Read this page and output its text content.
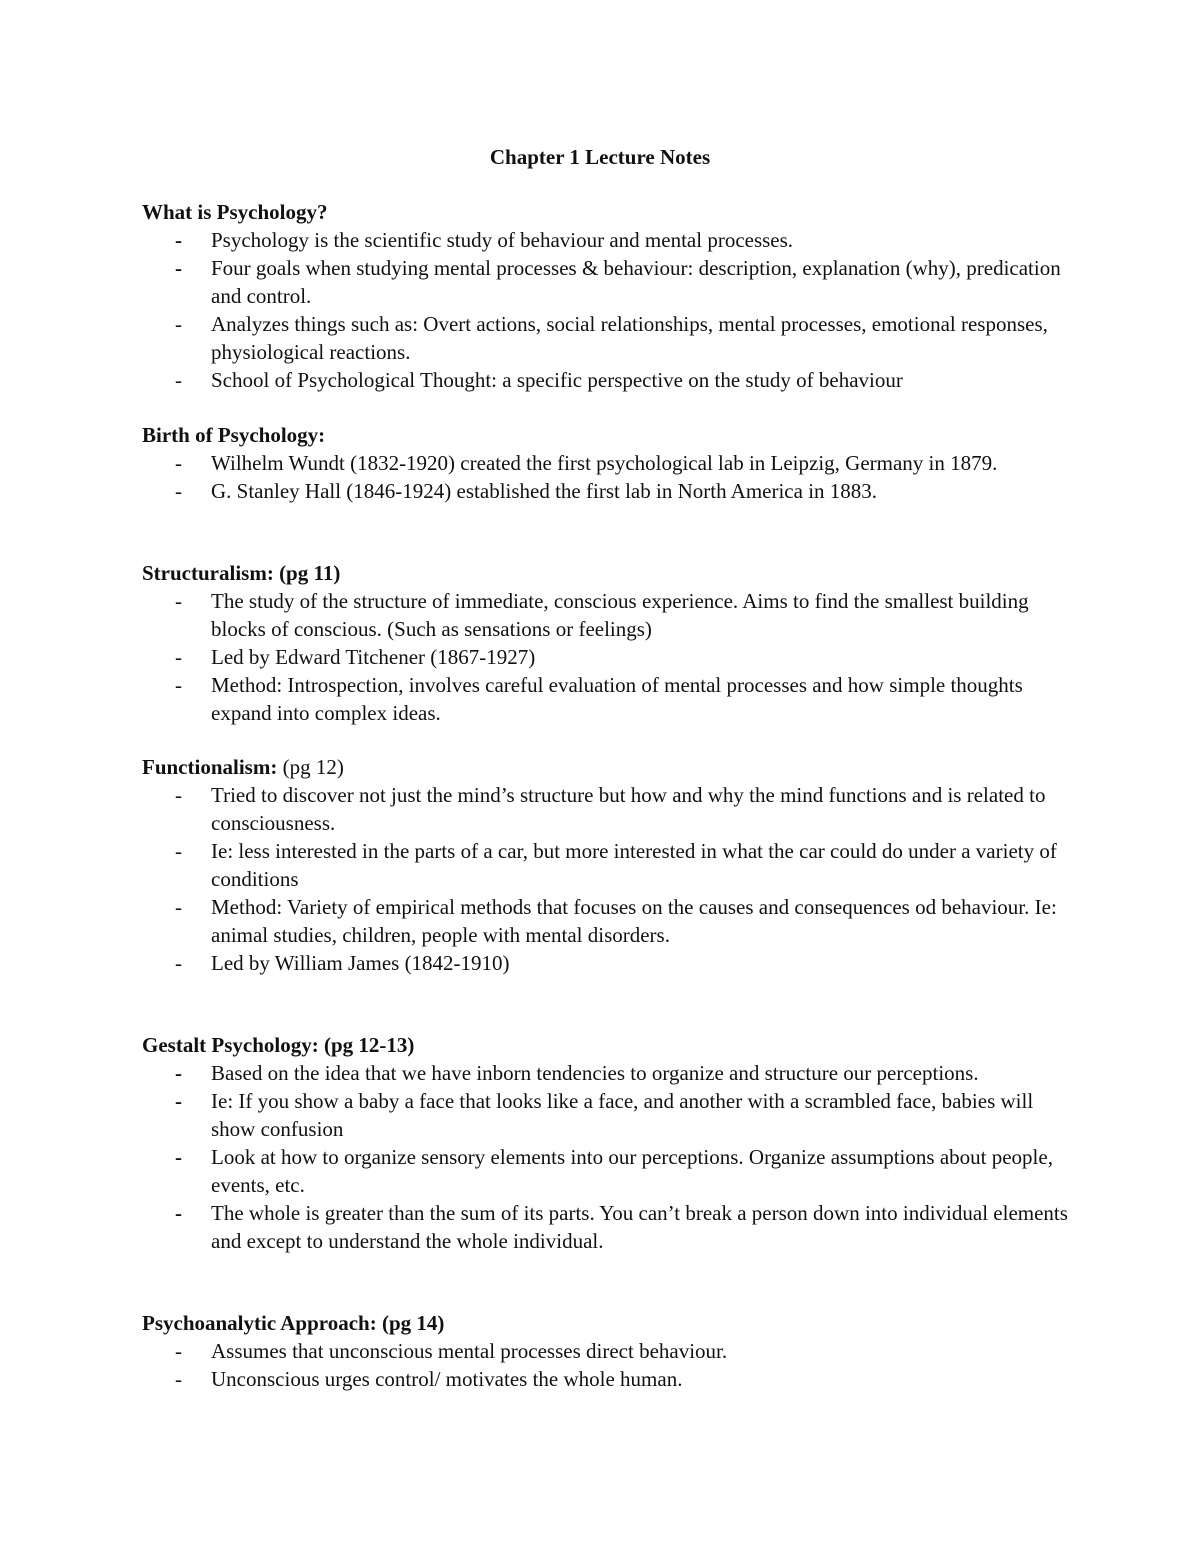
Chapter 1 Lecture Notes

What is Psychology?

-	Psychology is the scientific study of behaviour and mental processes.
-	Four goals when studying mental processes & behaviour: description, explanation (why), predication and control.
-	Analyzes things such as: Overt actions, social relationships, mental processes, emotional responses, physiological reactions.
-	School of Psychological Thought: a specific perspective on the study of behaviour

Birth of Psychology:

-	Wilhelm Wundt (1832-1920) created the first psychological lab in Leipzig, Germany in 1879.
-	G. Stanley Hall (1846-1924) established the first lab in North America in 1883.

Structuralism: (pg 11)

-	The study of the structure of immediate, conscious experience. Aims to find the smallest building blocks of conscious. (Such as sensations or feelings)
-	Led by Edward Titchener (1867-1927)
-	Method: Introspection, involves careful evaluation of mental processes and how simple thoughts expand into complex ideas.

Functionalism: (pg 12)

-	Tried to discover not just the mind’s structure but how and why the mind functions and is related to consciousness.
-	Ie: less interested in the parts of a car, but more interested in what the car could do under a variety of conditions
-	Method: Variety of empirical methods that focuses on the causes and consequences od behaviour. Ie: animal studies, children, people with mental disorders.
-	Led by William James (1842-1910)

Gestalt Psychology: (pg 12-13)

-	Based on the idea that we have inborn tendencies to organize and structure our perceptions.
-	Ie: If you show a baby a face that looks like a face, and another with a scrambled face, babies will show confusion
-	Look at how to organize sensory elements into our perceptions. Organize assumptions about people, events, etc.
-	The whole is greater than the sum of its parts. You can’t break a person down into individual elements and except to understand the whole individual.

Psychoanalytic Approach: (pg 14)

-	Assumes that unconscious mental processes direct behaviour.
-	Unconscious urges control/ motivates the whole human.
